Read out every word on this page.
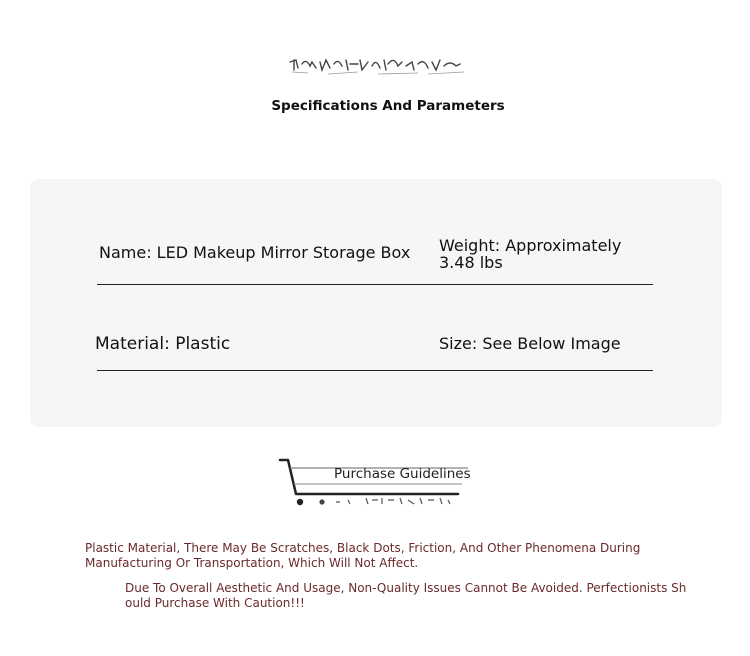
Specifications And Parameters
Name: LED Makeup Mirror Storage Box Weight: Approximately 3.48 lbs
Material: Plastic	Size: See Below Image
Purchase Guidelines
Plastic Material, There May Be Scratches, Black Dots, Friction, And Other Phenomena During Manufacturing Or Transportation, Which Will Not Affect.
Due To Overall Aesthetic And Usage, Non-Quality Issues Cannot Be Avoided. Perfectionists Should Purchase With Caution!!!
